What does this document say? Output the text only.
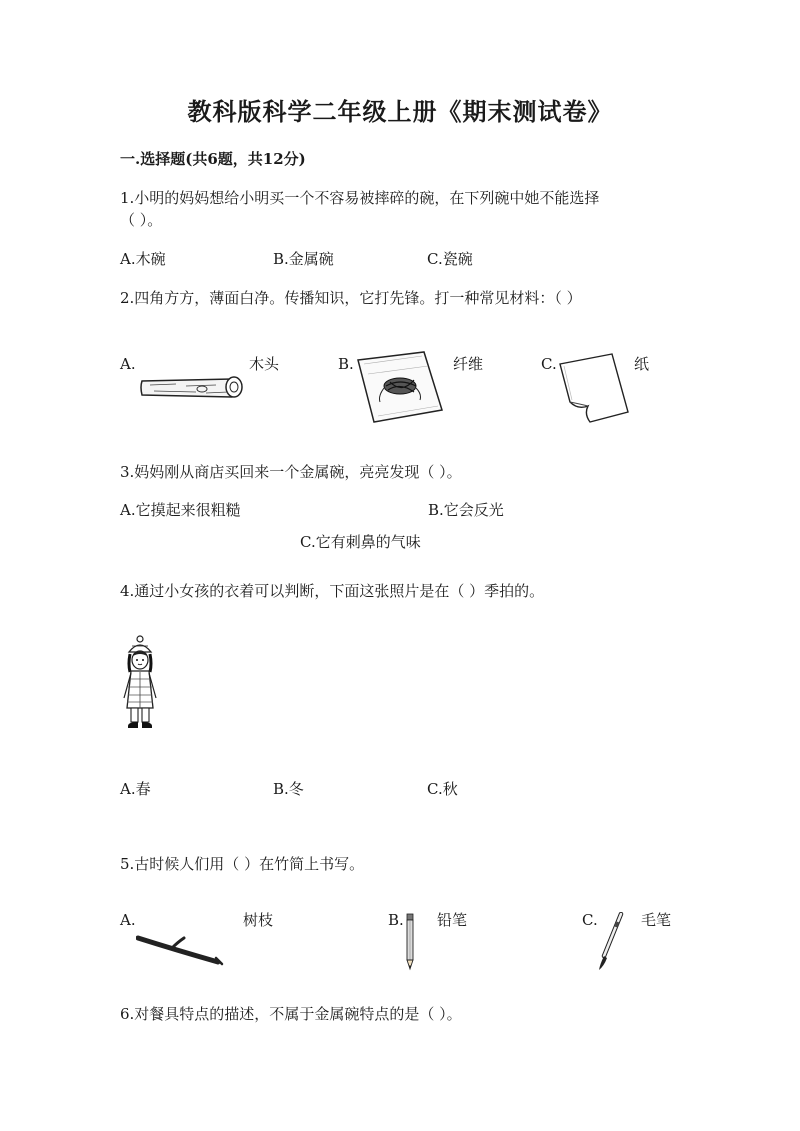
教科版科学二年级上册《期末测试卷》
一.选择题(共6题，共12分)
1.小明的妈妈想给小明买一个不容易被摔碎的碗，在下列碗中她不能选择
（ ）。
A.木碗	B.金属碗	C.瓷碗
2.四角方方，薄面白净。传播知识，它打先锋。打一种常见材料：（ ）
A.	木头	B.	纤维	C.	纸
3.妈妈刚从商店买回来一个金属碗，亮亮发现（ ）。
A.它摸起来很粗糙	B.它会反光
C.它有刺鼻的气味
4.通过小女孩的衣着可以判断，下面这张照片是在（ ）季拍的。
A.春	B.冬	C.秋
5.古时候人们用（ ）在竹简上书写。
A.	树枝	B. 铅笔	C.	毛笔
6.对餐具特点的描述，不属于金属碗特点的是（ ）。
